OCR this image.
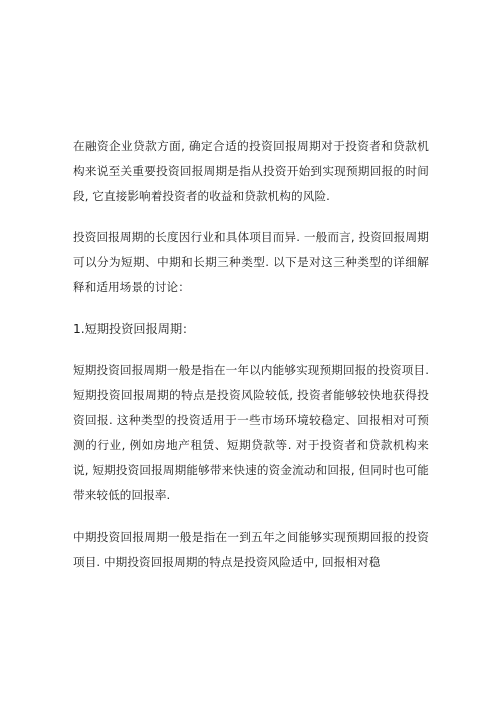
在融资企业贷款方面, 确定合适的投资回报周期对于投资者和贷款机构来说至关重要投资回报周期是指从投资开始到实现预期回报的时间段, 它直接影响着投资者的收益和贷款机构的风险.

投资回报周期的长度因行业和具体项目而异. 一般而言, 投资回报周期可以分为短期、中期和长期三种类型. 以下是对这三种类型的详细解释和适用场景的讨论：

1.短期投资回报周期：

短期投资回报周期一般是指在一年以内能够实现预期回报的投资项目. 短期投资回报周期的特点是投资风险较低, 投资者能够较快地获得投资回报. 这种类型的投资适用于一些市场环境较稳定、回报相对可预测的行业, 例如房地产租赁、短期贷款等. 对于投资者和贷款机构来说, 短期投资回报周期能够带来快速的资金流动和回报, 但同时也可能带来较低的回报率.

中期投资回报周期一般是指在一到五年之间能够实现预期回报的投资项目. 中期投资回报周期的特点是投资风险适中, 回报相对稳
